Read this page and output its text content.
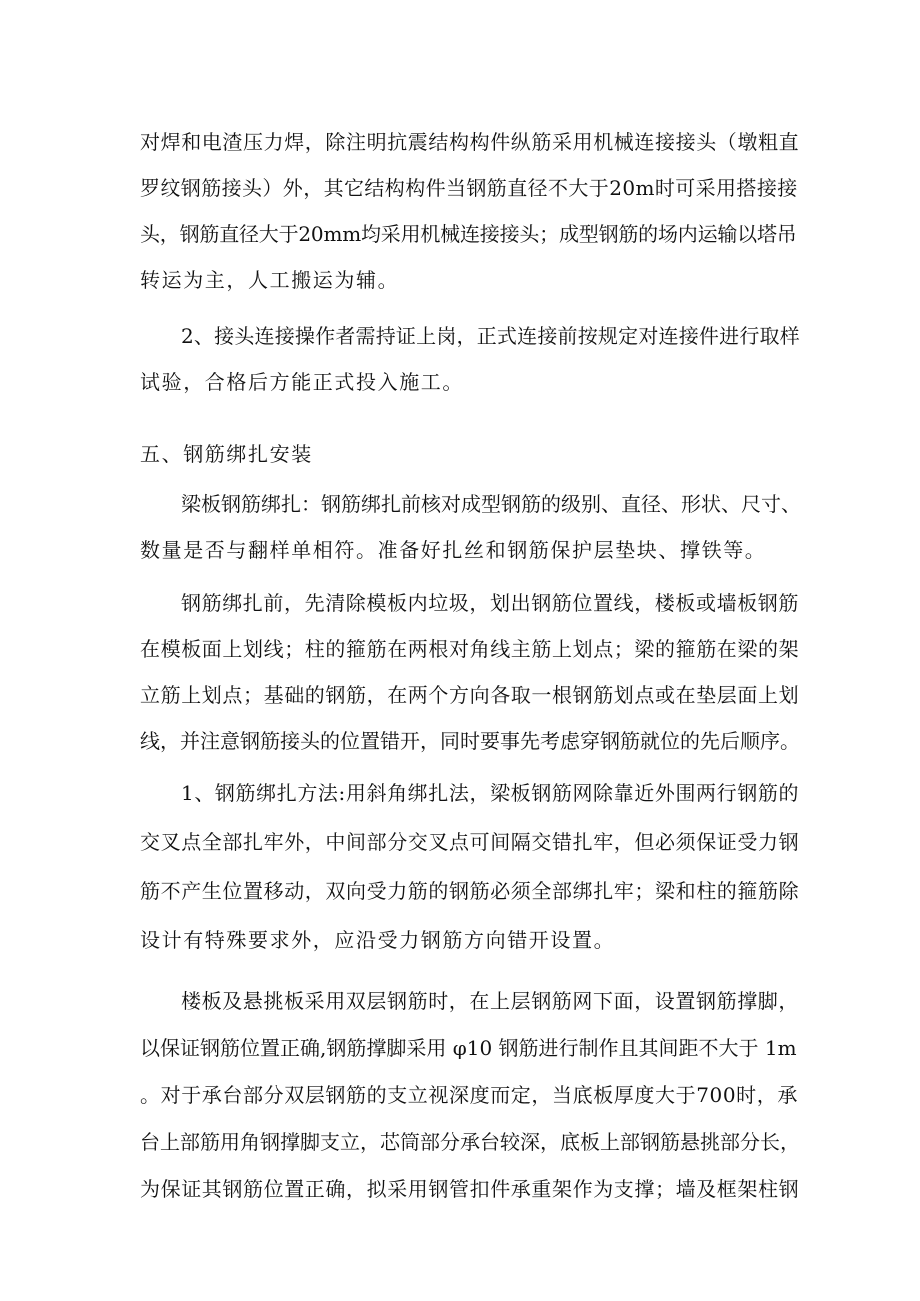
对焊和电渣压力焊，除注明抗震结构构件纵筋采用机械连接接头（墩粗直
罗纹钢筋接头）外，其它结构构件当钢筋直径不大于20m时可采用搭接接
头，钢筋直径大于20mm均采用机械连接接头；成型钢筋的场内运输以塔吊
转运为主，人工搬运为辅。
2、接头连接操作者需持证上岗，正式连接前按规定对连接件进行取样
试验，合格后方能正式投入施工。
五、钢筋绑扎安装
梁板钢筋绑扎：钢筋绑扎前核对成型钢筋的级别、直径、形状、尺寸、
数量是否与翻样单相符。准备好扎丝和钢筋保护层垫块、撑铁等。
钢筋绑扎前，先清除模板内垃圾，划出钢筋位置线，楼板或墙板钢筋
在模板面上划线；柱的箍筋在两根对角线主筋上划点；梁的箍筋在梁的架
立筋上划点；基础的钢筋，在两个方向各取一根钢筋划点或在垫层面上划
线，并注意钢筋接头的位置错开，同时要事先考虑穿钢筋就位的先后顺序。
1、钢筋绑扎方法:用斜角绑扎法，梁板钢筋网除靠近外围两行钢筋的
交叉点全部扎牢外，中间部分交叉点可间隔交错扎牢，但必须保证受力钢
筋不产生位置移动，双向受力筋的钢筋必须全部绑扎牢；梁和柱的箍筋除
设计有特殊要求外，应沿受力钢筋方向错开设置。
楼板及悬挑板采用双层钢筋时，在上层钢筋网下面，设置钢筋撑脚，
以保证钢筋位置正确,钢筋撑脚采用 φ10 钢筋进行制作且其间距不大于 1m
。对于承台部分双层钢筋的支立视深度而定，当底板厚度大于700时，承
台上部筋用角钢撑脚支立，芯筒部分承台较深，底板上部钢筋悬挑部分长，
为保证其钢筋位置正确，拟采用钢管扣件承重架作为支撑；墙及框架柱钢
